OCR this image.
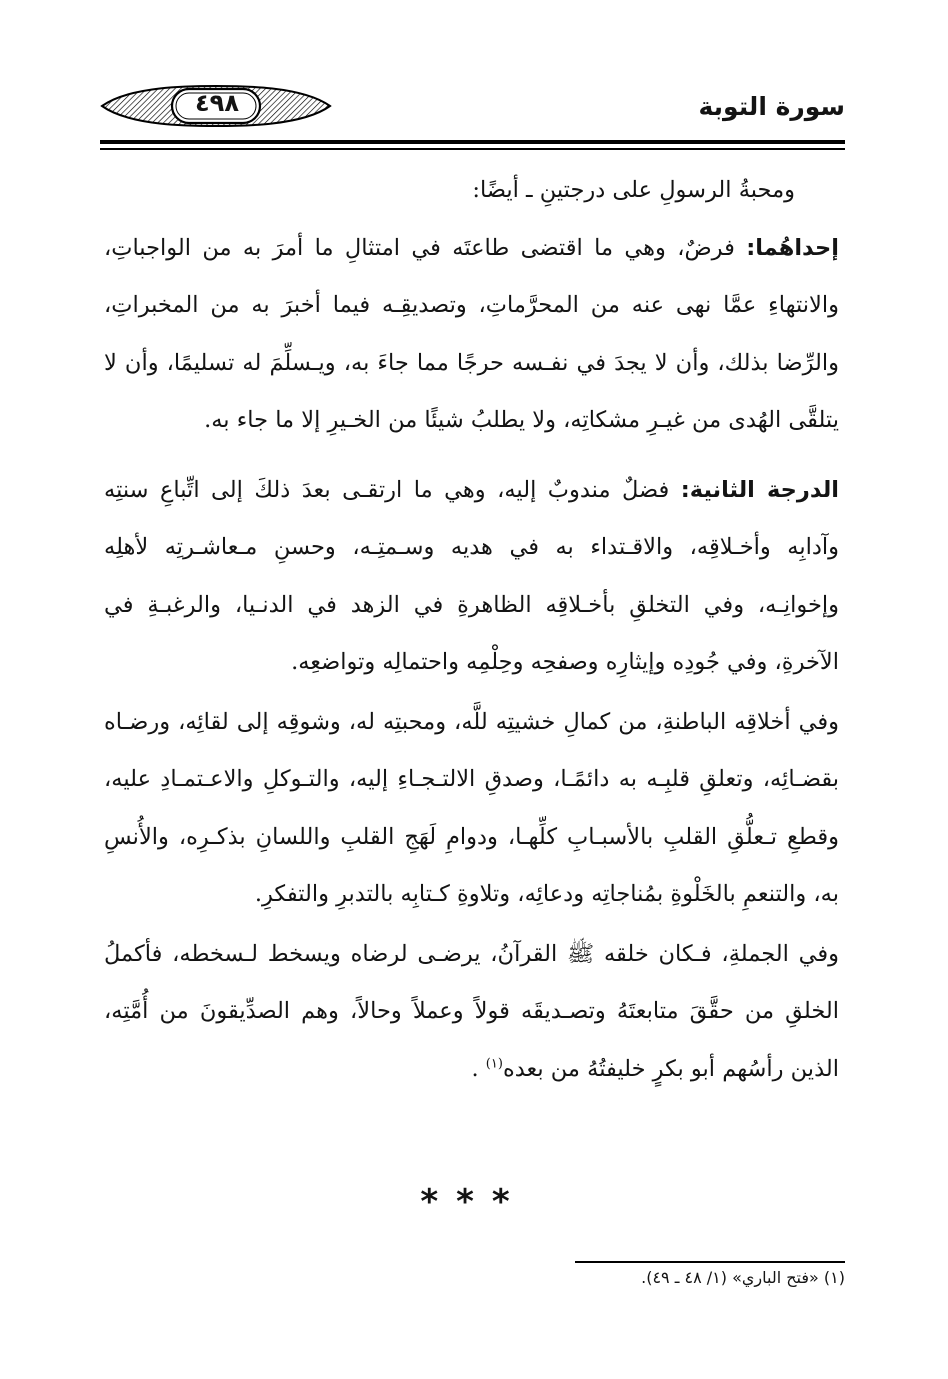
سورة التوبة
٤٩٨

ومحبةُ الرسولِ على درجتينِ ـ أيضًا:

إحداهُما: فرضٌ، وهي ما اقتضى طاعتَه في امتثالِ ما أمرَ به من الواجباتِ، والانتهاءِ عمَّا نهى عنه من المحرَّماتِ، وتصديقِـه فيما أخبرَ به من المخبراتِ، والرِّضا بذلك، وأن لا يجدَ في نفـسه حرجًا مما جاءَ به، ويـسلِّمَ له تسليمًا، وأن لا يتلقَّى الهُدى من غيـرِ مشكاتِه، ولا يطلبُ شيئًا من الخـيرِ إلا ما جاء به.

الدرجة الثانية: فضلٌ مندوبٌ إليه، وهي ما ارتقـى بعدَ ذلكَ إلى اتِّباعِ سنتِه وآدابِه وأخـلاقِه، والاقـتداء به في هديه وسـمتِـه، وحسنِ مـعاشـرتِه لأهلِه وإخوانِـه، وفي التخلقِ بأخـلاقِه الظاهرةِ في الزهد في الدنـيا، والرغبـةِ في الآخرةِ، وفي جُودِه وإيثارِه وصفحِه وحِلْمِه واحتمالِه وتواضعِه.

وفي أخلاقِه الباطنةِ، من كمالِ خشيتِه للَّه، ومحبتِه له، وشوقِه إلى لقائِه، ورضـاه بقضـائِه، وتعلقِ قلبِـه به دائمًـا، وصدقِ الالتـجـاءِ إليه، والتـوكلِ والاعـتمـادِ عليه، وقطعِ تـعلُّقِ القلبِ بالأسبـابِ كلِّهـا، ودوامِ لَهَجِ القلبِ واللسانِ بذكـرِه، والأُنسِ به، والتنعمِ بالخَلْوةِ بمُناجاتِه ودعائِه، وتلاوةِ كـتابِه بالتدبرِ والتفكرِ.

وفي الجملةِ، فـكان خلقه ﷺ القرآنُ، يرضـى لرضاه ويسخط لـسخطه، فأكملُ الخلقِ من حقَّقَ متابعتَهُ وتصـديقَه قولاً وعملاً وحالاً، وهم الصدِّيقونَ من أُمَّتِه، الذين رأسُهم أبو بكرٍ خليفتُهُ من بعده$^{(١)}$ .

***
(١) «فتح الباري» (١/ ٤٨ ـ ٤٩).
